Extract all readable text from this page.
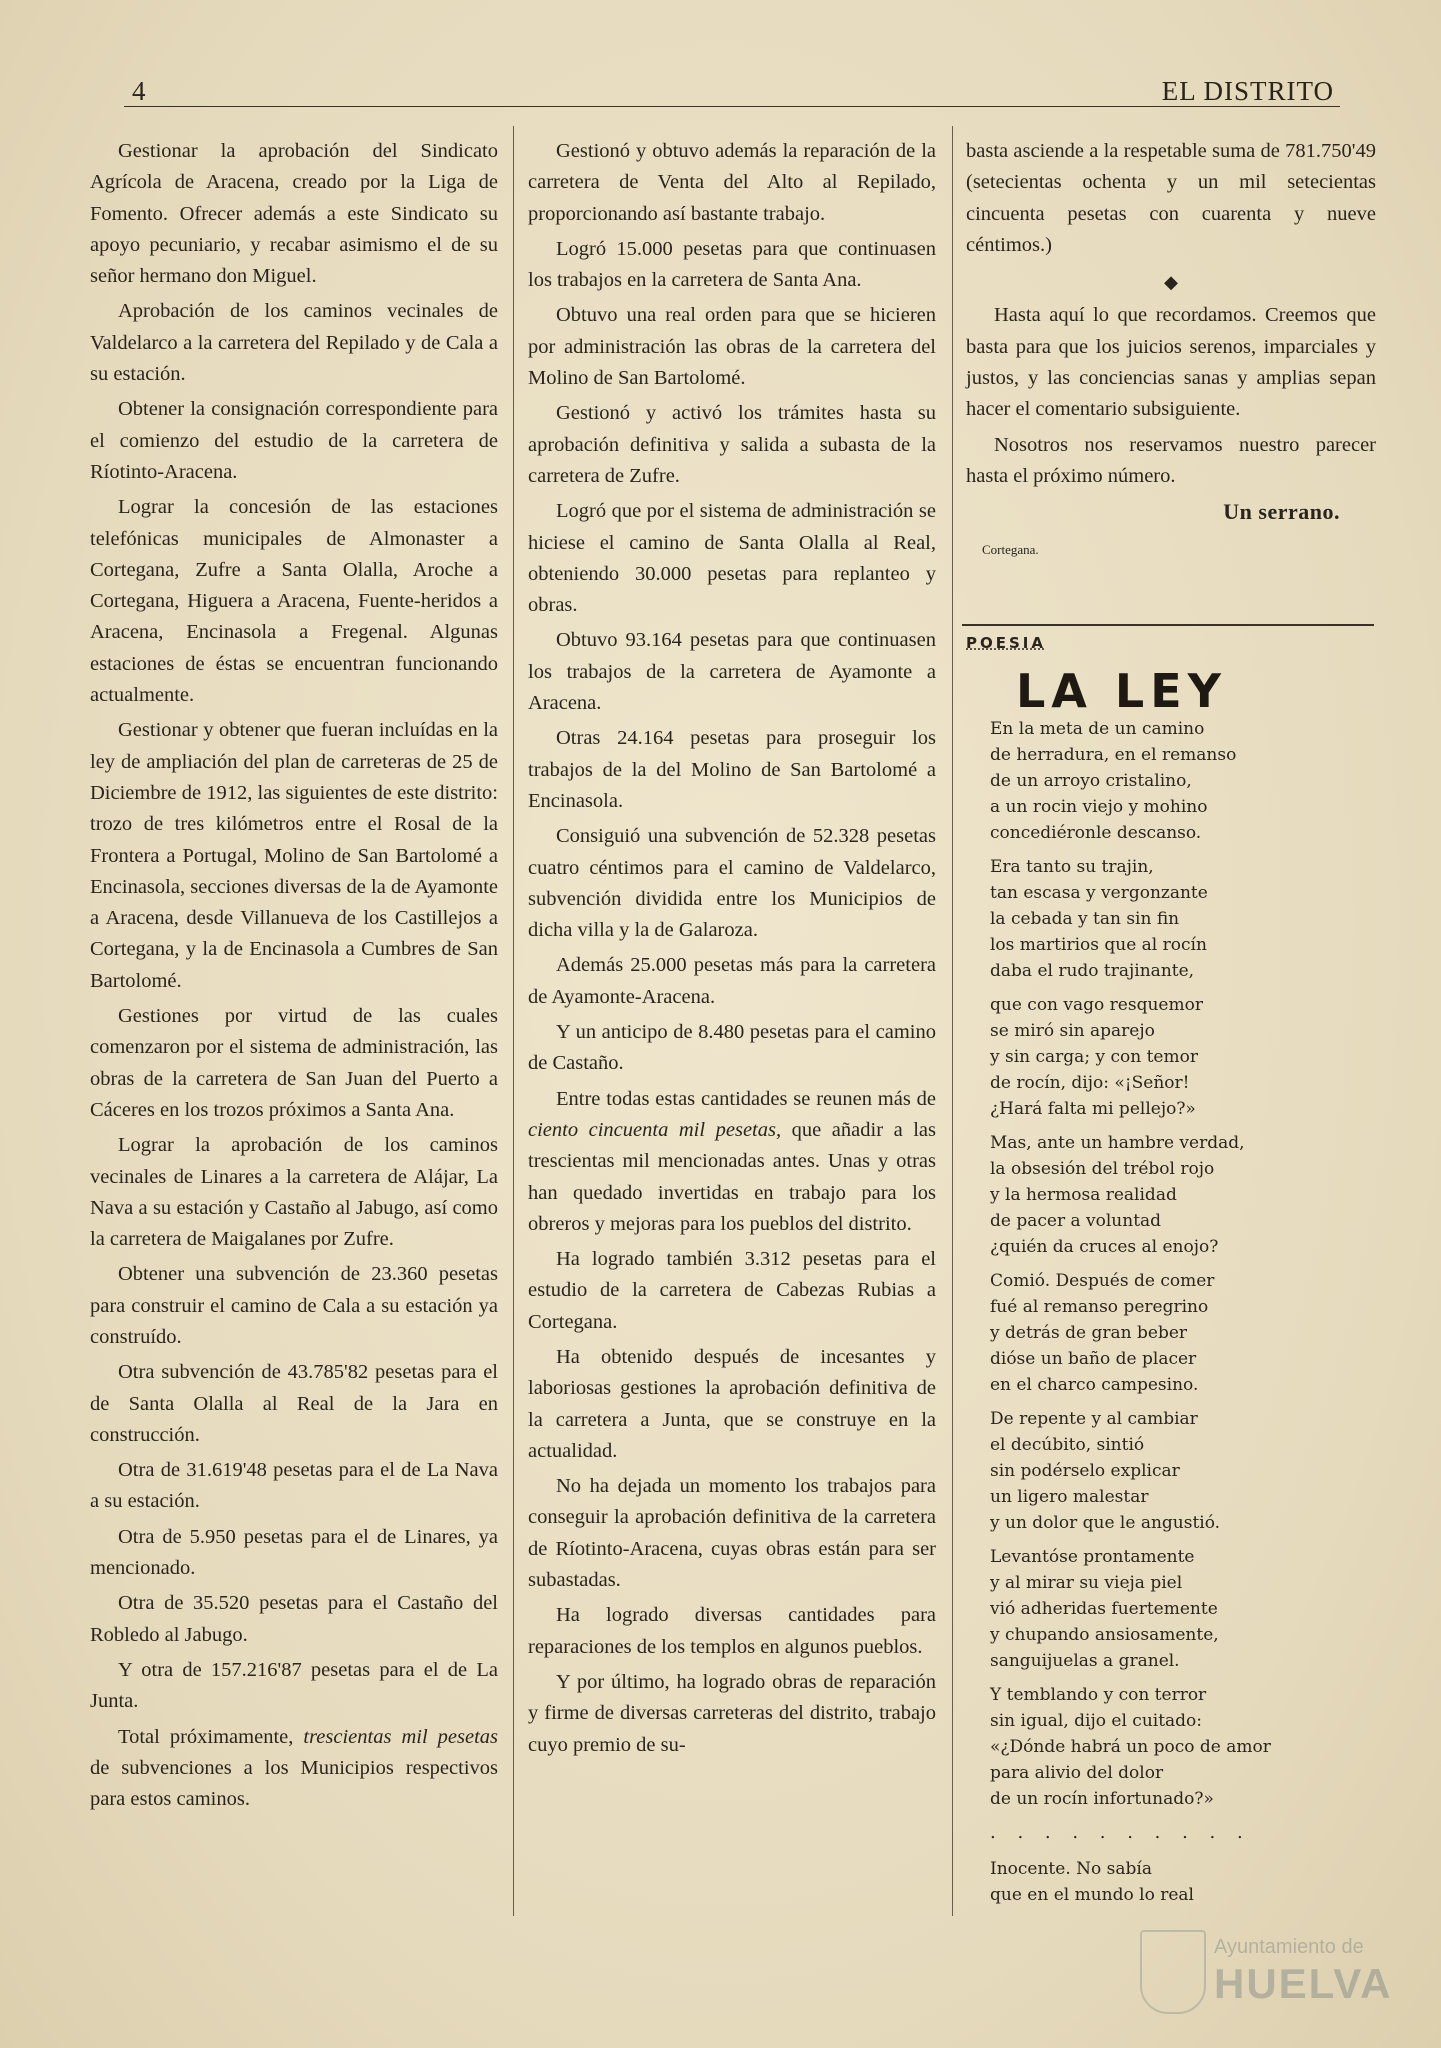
4	EL DISTRITO

Gestionar la aprobación del Sindicato Agrícola de Aracena, creado por la Liga de Fomento. Ofrecer además a este Sindicato su apoyo pecuniario, y recabar asimismo el de su señor hermano don Miguel.

Aprobación de los caminos vecinales de Valdelarco a la carretera del Repilado y de Cala a su estación.

Obtener la consignación correspondiente para el comienzo del estudio de la carretera de Ríotinto-Aracena.

Lograr la concesión de las estaciones telefónicas municipales de Almonaster a Cortegana, Zufre a Santa Olalla, Aroche a Cortegana, Higuera a Aracena, Fuente-heridos a Aracena, Encinasola a Fregenal. Algunas estaciones de éstas se encuentran funcionando actualmente.

Gestionar y obtener que fueran incluídas en la ley de ampliación del plan de carreteras de 25 de Diciembre de 1912, las siguientes de este distrito: trozo de tres kilómetros entre el Rosal de la Frontera a Portugal, Molino de San Bartolomé a Encinasola, secciones diversas de la de Ayamonte a Aracena, desde Villanueva de los Castillejos a Cortegana, y la de Encinasola a Cumbres de San Bartolomé.

Gestiones por virtud de las cuales comenzaron por el sistema de administración, las obras de la carretera de San Juan del Puerto a Cáceres en los trozos próximos a Santa Ana.

Lograr la aprobación de los caminos vecinales de Linares a la carretera de Alájar, La Nava a su estación y Castaño al Jabugo, así como la carretera de Maigalanes por Zufre.

Obtener una subvención de 23.360 pesetas para construir el camino de Cala a su estación ya construído.

Otra subvención de 43.785'82 pesetas para el de Santa Olalla al Real de la Jara en construcción.

Otra de 31.619'48 pesetas para el de La Nava a su estación.

Otra de 5.950 pesetas para el de Linares, ya mencionado.

Otra de 35.520 pesetas para el Castaño del Robledo al Jabugo.

Y otra de 157.216'87 pesetas para el de La Junta.

Total próximamente, trescientas mil pesetas de subvenciones a los Municipios respectivos para estos caminos.

Gestionó y obtuvo además la reparación de la carretera de Venta del Alto al Repilado, proporcionando así bastante trabajo.

Logró 15.000 pesetas para que continuasen los trabajos en la carretera de Santa Ana.

Obtuvo una real orden para que se hicieren por administración las obras de la carretera del Molino de San Bartolomé.

Gestionó y activó los trámites hasta su aprobación definitiva y salida a subasta de la carretera de Zufre.

Logró que por el sistema de administración se hiciese el camino de Santa Olalla al Real, obteniendo 30.000 pesetas para replanteo y obras.

Obtuvo 93.164 pesetas para que continuasen los trabajos de la carretera de Ayamonte a Aracena.

Otras 24.164 pesetas para proseguir los trabajos de la del Molino de San Bartolomé a Encinasola.

Consiguió una subvención de 52.328 pesetas cuatro céntimos para el camino de Valdelarco, subvención dividida entre los Municipios de dicha villa y la de Galaroza.

Además 25.000 pesetas más para la carretera de Ayamonte-Aracena.

Y un anticipo de 8.480 pesetas para el camino de Castaño.

Entre todas estas cantidades se reunen más de ciento cincuenta mil pesetas, que añadir a las trescientas mil mencionadas antes. Unas y otras han quedado invertidas en trabajo para los obreros y mejoras para los pueblos del distrito.

Ha logrado también 3.312 pesetas para el estudio de la carretera de Cabezas Rubias a Cortegana.

Ha obtenido después de incesantes y laboriosas gestiones la aprobación definitiva de la carretera a Junta, que se construye en la actualidad.

No ha dejada un momento los trabajos para conseguir la aprobación definitiva de la carretera de Ríotinto-Aracena, cuyas obras están para ser subastadas.

Ha logrado diversas cantidades para reparaciones de los templos en algunos pueblos.

Y por último, ha logrado obras de reparación y firme de diversas carreteras del distrito, trabajo cuyo premio de su-

basta asciende a la respetable suma de 781.750'49 (setecientas ochenta y un mil setecientas cincuenta pesetas con cuarenta y nueve céntimos.)

◆

Hasta aquí lo que recordamos. Creemos que basta para que los juicios serenos, imparciales y justos, y las conciencias sanas y amplias sepan hacer el comentario subsiguiente.

Nosotros nos reservamos nuestro parecer hasta el próximo número.

Un serrano.
Cortegana.
POESIA
LA LEY
En la meta de un camino
de herradura, en el remanso
de un arroyo cristalino,
a un rocin viejo y mohino
concediéronle descanso.
Era tanto su trajin,
tan escasa y vergonzante
la cebada y tan sin fin
los martirios que al rocín
daba el rudo trajinante,
que con vago resquemor
se miró sin aparejo
y sin carga; y con temor
de rocín, dijo: «¡Señor!
¿Hará falta mi pellejo?»
Mas, ante un hambre verdad,
la obsesión del trébol rojo
y la hermosa realidad
de pacer a voluntad
¿quién da cruces al enojo?
Comió. Después de comer
fué al remanso peregrino
y detrás de gran beber
dióse un baño de placer
en el charco campesino.
De repente y al cambiar
el decúbito, sintió
sin podérselo explicar
un ligero malestar
y un dolor que le angustió.
Levantóse prontamente
y al mirar su vieja piel
vió adheridas fuertemente
y chupando ansiosamente,
sanguijuelas a granel.
Y temblando y con terror
sin igual, dijo el cuitado:
«¿Dónde habrá un poco de amor
para alivio del dolor
de un rocín infortunado?»
. . . . . . . . . .
Inocente. No sabía
que en el mundo lo real
Ayuntamiento de
HUELVA
